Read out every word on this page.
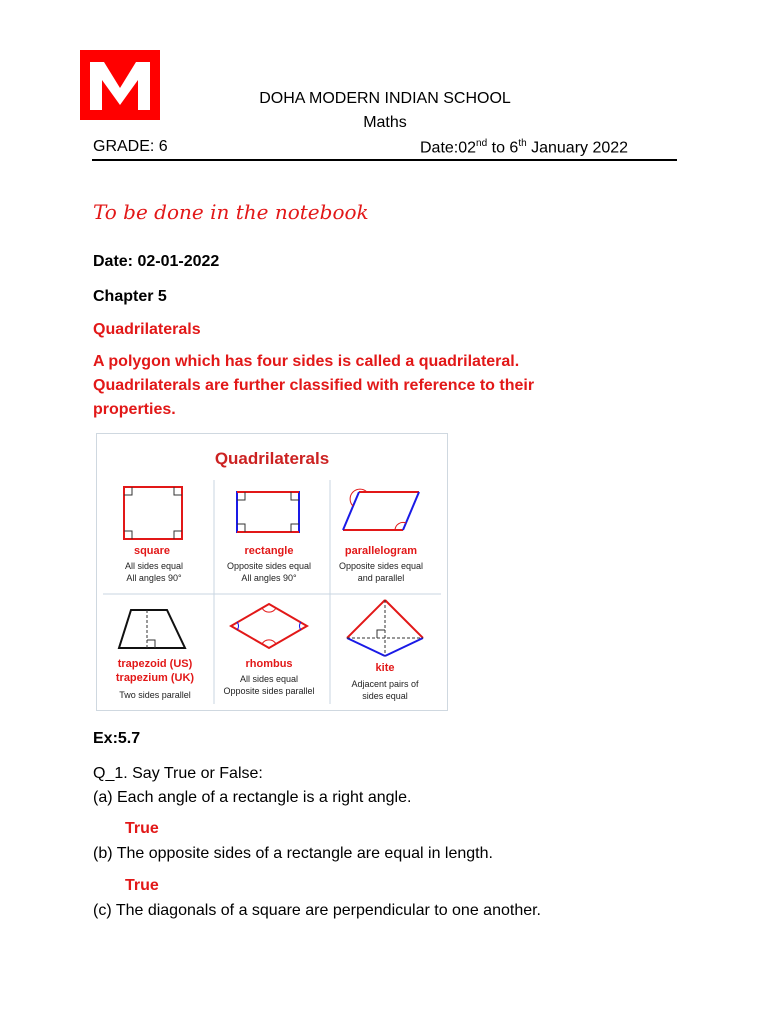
DOHA MODERN INDIAN SCHOOL
Maths
GRADE: 6	Date:02nd to 6th January 2022
To be done in the notebook
Date: 02-01-2022
Chapter 5
Quadrilaterals
A polygon which has four sides is called a quadrilateral.
Quadrilaterals are further classified with reference to their
properties.
Quadrilaterals
square
All sides equal
All angles 90°
rectangle
Opposite sides equal
All angles 90°
parallelogram
Opposite sides equal
and parallel
trapezoid (US)
trapezium (UK)
Two sides parallel
rhombus
All sides equal
Opposite sides parallel
kite
Adjacent pairs of
sides equal
Ex:5.7
Q_1. Say True or False:
(a) Each angle of a rectangle is a right angle.
True
(b) The opposite sides of a rectangle are equal in length.
True
(c) The diagonals of a square are perpendicular to one another.
